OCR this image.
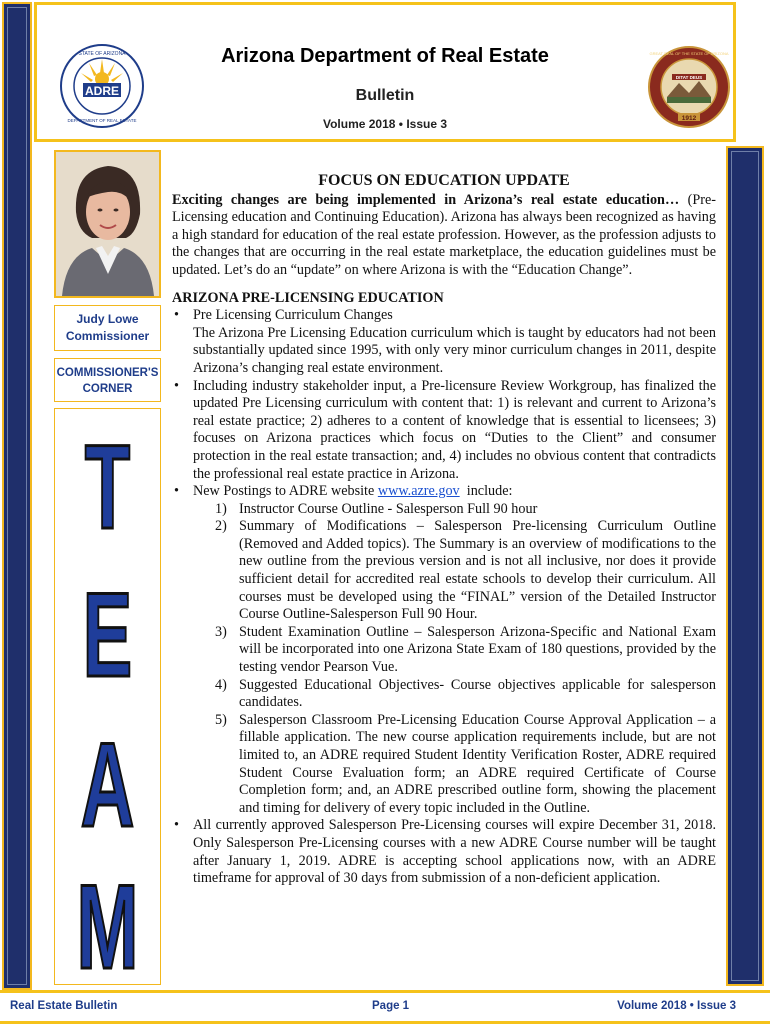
ADRE
STATE OF ARIZONA
DEPARTMENT OF REAL ESTATE
Arizona Department of Real Estate
Bulletin
Volume 2018 • Issue 3
DITAT DEUS
GREAT SEAL OF THE STATE OF ARIZONA
1912
Judy Lowe
Commissioner
COMMISSIONER'S
CORNER
T
E
A
M
FOCUS ON EDUCATION UPDATE
Exciting changes are being implemented in Arizona’s real estate education… (Pre-Licensing education and Continuing Education). Arizona has always been recognized as having a high standard for education of the real estate profession. However, as the profession adjusts to the changes that are occurring in the real estate marketplace, the education guidelines must be updated. Let’s do an “update” on where Arizona is with the “Education Change”.
ARIZONA PRE-LICENSING EDUCATION
• Pre Licensing Curriculum Changes
The Arizona Pre Licensing Education curriculum which is taught by educators had not been substantially updated since 1995, with only very minor curriculum changes in 2011, despite Arizona’s changing real estate environment.
• Including industry stakeholder input, a Pre-licensure Review Workgroup, has finalized the updated Pre Licensing curriculum with content that: 1) is relevant and current to Arizona’s real estate practice; 2) adheres to a content of knowledge that is essential to licensees; 3) focuses on Arizona practices which focus on “Duties to the Client” and consumer protection in the real estate transaction; and, 4) includes no obvious content that contradicts the professional real estate practice in Arizona.
• New Postings to ADRE website www.azre.gov  include:
1) Instructor Course Outline - Salesperson Full 90 hour
2) Summary of Modifications – Salesperson Pre-licensing Curriculum Outline (Removed and Added topics). The Summary is an overview of modifications to the new outline from the previous version and is not all inclusive, nor does it provide sufficient detail for accredited real estate schools to develop their curriculum. All courses must be developed using the “FINAL” version of the Detailed Instructor Course Outline-Salesperson Full 90 Hour.
3) Student Examination Outline – Salesperson Arizona-Specific and National Exam will be incorporated into one Arizona State Exam of 180 questions, provided by the testing vendor Pearson Vue.
4) Suggested Educational Objectives- Course objectives applicable for salesperson candidates.
5) Salesperson Classroom Pre-Licensing Education Course Approval Application – a fillable application. The new course application requirements include, but are not limited to, an ADRE required Student Identity Verification Roster, ADRE required Student Course Evaluation form; an ADRE required Certificate of Course Completion form; and, an ADRE prescribed outline form, showing the placement and timing for delivery of every topic included in the Outline.
• All currently approved Salesperson Pre-Licensing courses will expire December 31, 2018. Only Salesperson Pre-Licensing courses with a new ADRE Course number will be taught after January 1, 2019. ADRE is accepting school applications now, with an ADRE timeframe for approval of 30 days from submission of a non-deficient application.
Real Estate Bulletin	Page 1	Volume 2018 • Issue 3
